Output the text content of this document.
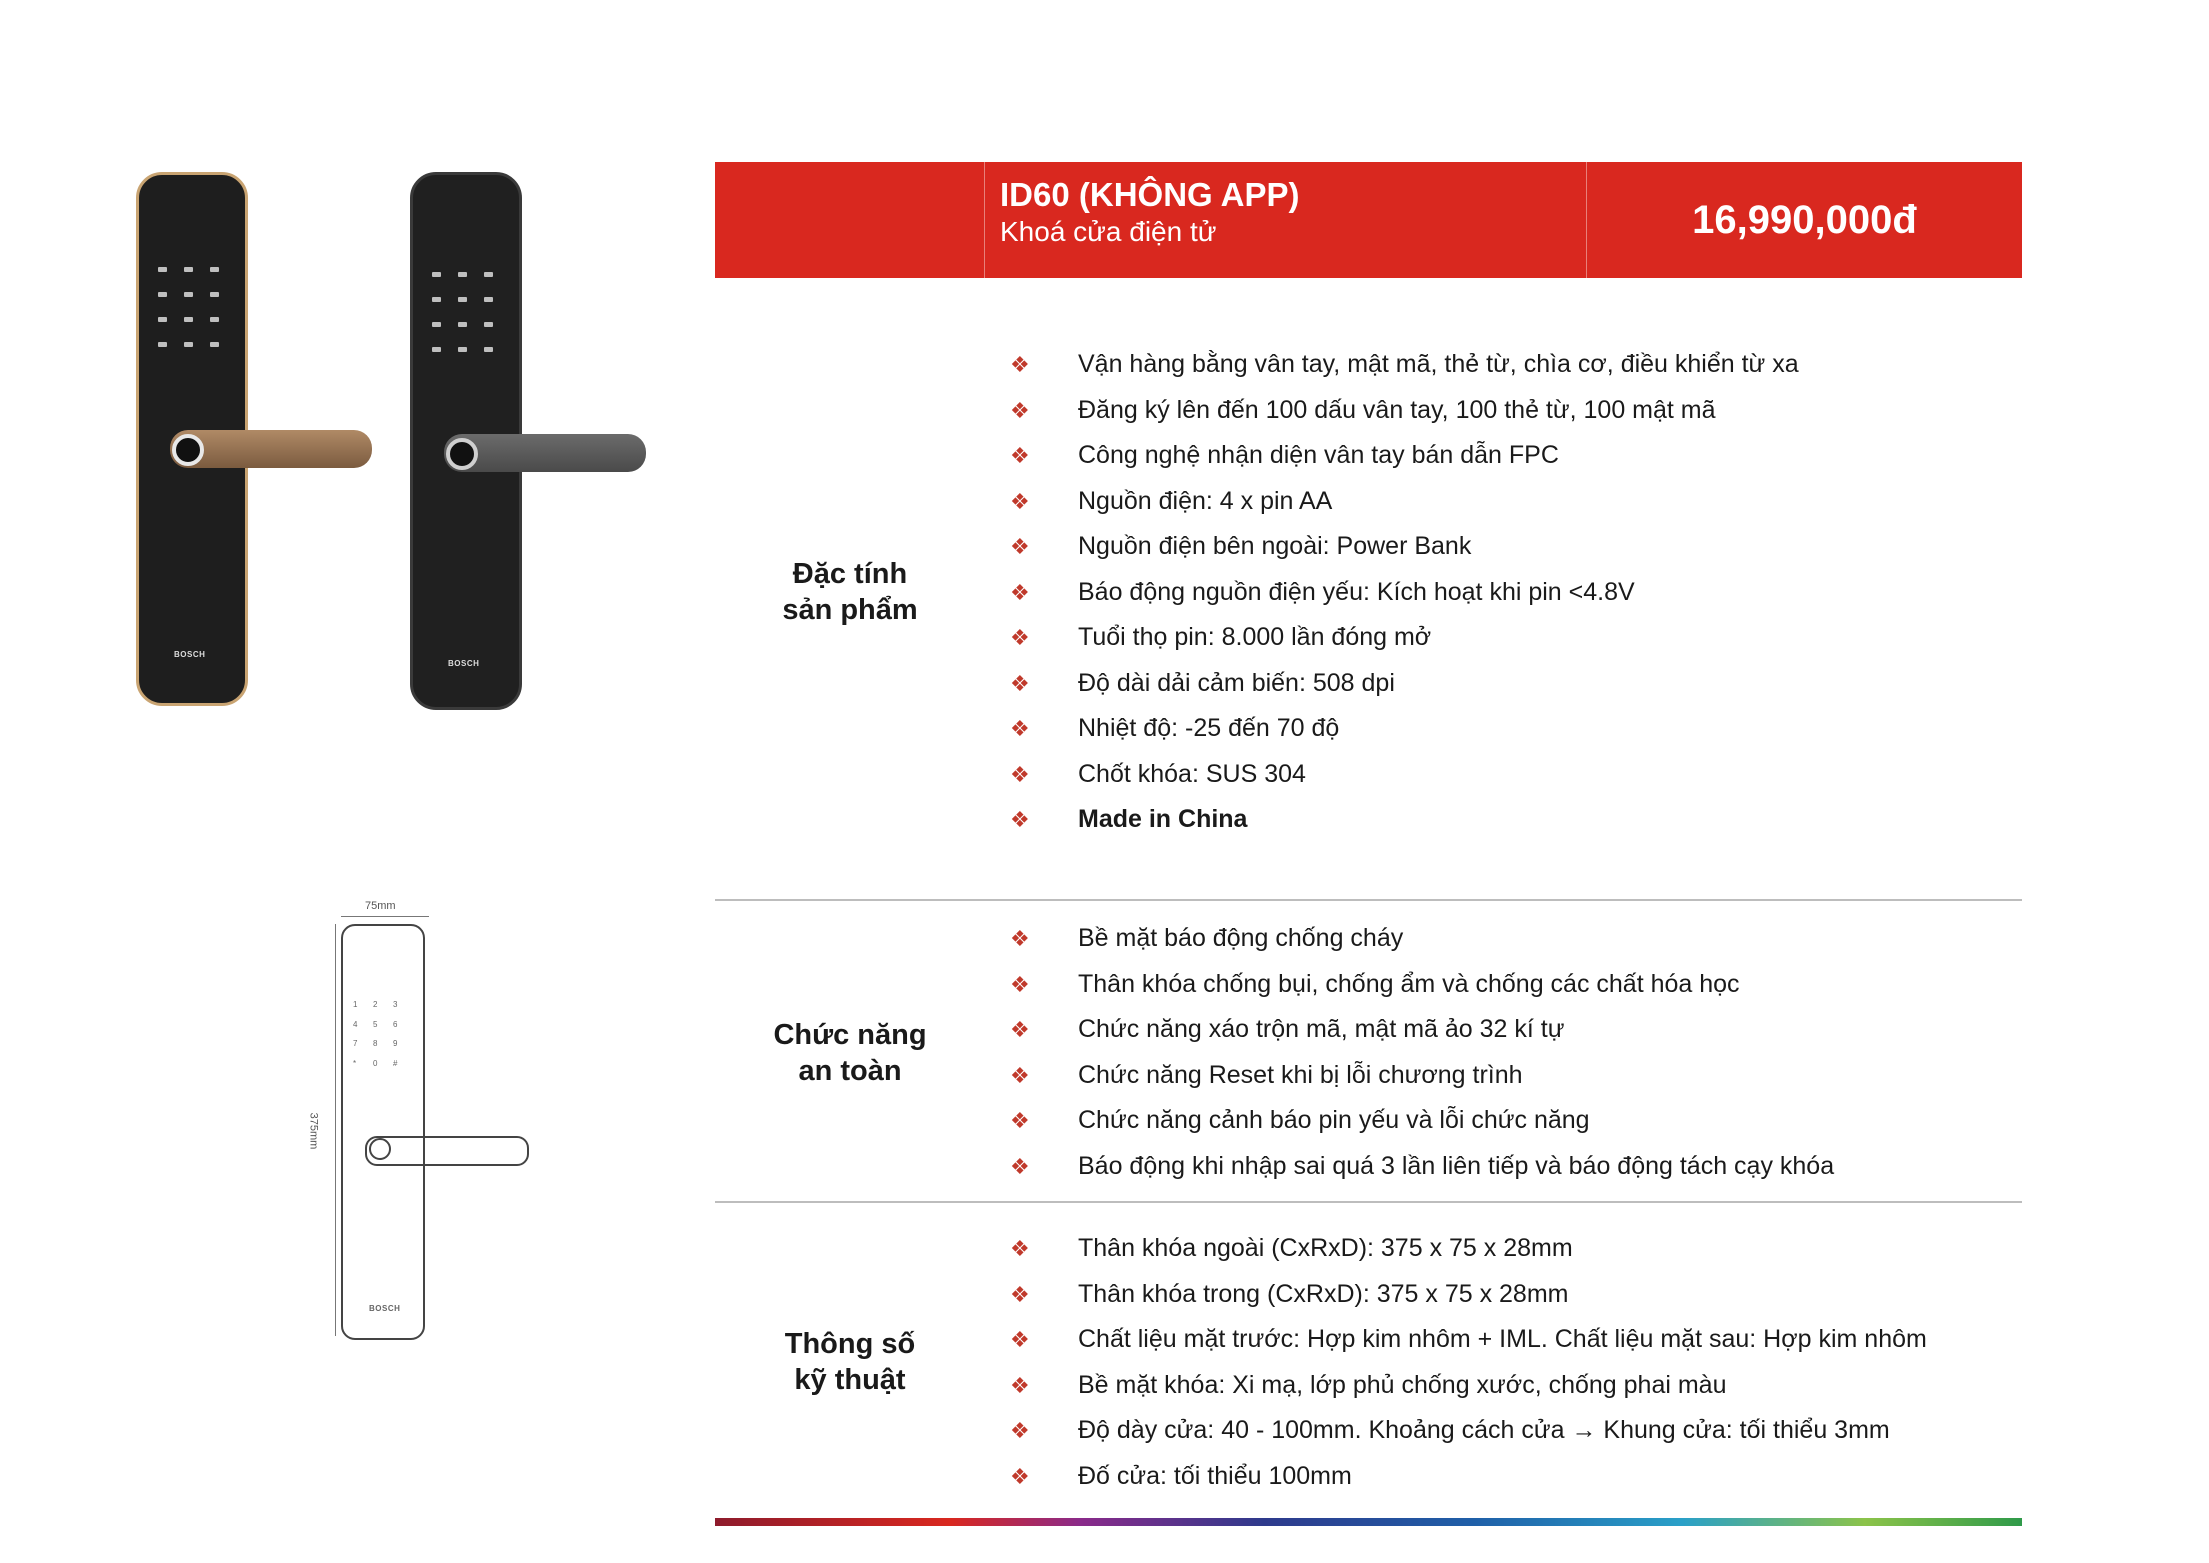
BOSCH
BOSCH
75mm
375mm
1	2	3
4	5	6
7	8	9
*	0	#
BOSCH
ID60 (KHÔNG APP)
Khoá cửa điện tử	16,990,000đ
Đặc tính
sản phẩm
❖ Vận hàng bằng vân tay, mật mã, thẻ từ, chìa cơ, điều khiển từ xa
❖ Đăng ký lên đến 100 dấu vân tay, 100 thẻ từ, 100 mật mã
❖ Công nghệ nhận diện vân tay bán dẫn FPC
❖ Nguồn điện: 4 x pin AA
❖ Nguồn điện bên ngoài: Power Bank
❖ Báo động nguồn điện yếu: Kích hoạt khi pin <4.8V
❖ Tuổi thọ pin: 8.000 lần đóng mở
❖ Độ dài dải cảm biến: 508 dpi
❖ Nhiệt độ: -25 đến 70 độ
❖ Chốt khóa: SUS 304
❖ Made in China
Chức năng
an toàn
❖ Bề mặt báo động chống cháy
❖ Thân khóa chống bụi, chống ẩm và chống các chất hóa học
❖ Chức năng xáo trộn mã, mật mã ảo 32 kí tự
❖ Chức năng Reset khi bị lỗi chương trình
❖ Chức năng cảnh báo pin yếu và lỗi chức năng
❖ Báo động khi nhập sai quá 3 lần liên tiếp và báo động tách cạy khóa
Thông số
kỹ thuật
❖ Thân khóa ngoài (CxRxD): 375 x 75 x 28mm
❖ Thân khóa trong (CxRxD): 375 x 75 x 28mm
❖ Chất liệu mặt trước: Hợp kim nhôm + IML. Chất liệu mặt sau: Hợp kim nhôm
❖ Bề mặt khóa: Xi mạ, lớp phủ chống xước, chống phai màu
❖ Độ dày cửa: 40 - 100mm. Khoảng cách cửa → Khung cửa: tối thiểu 3mm
❖ Đố cửa: tối thiểu 100mm
